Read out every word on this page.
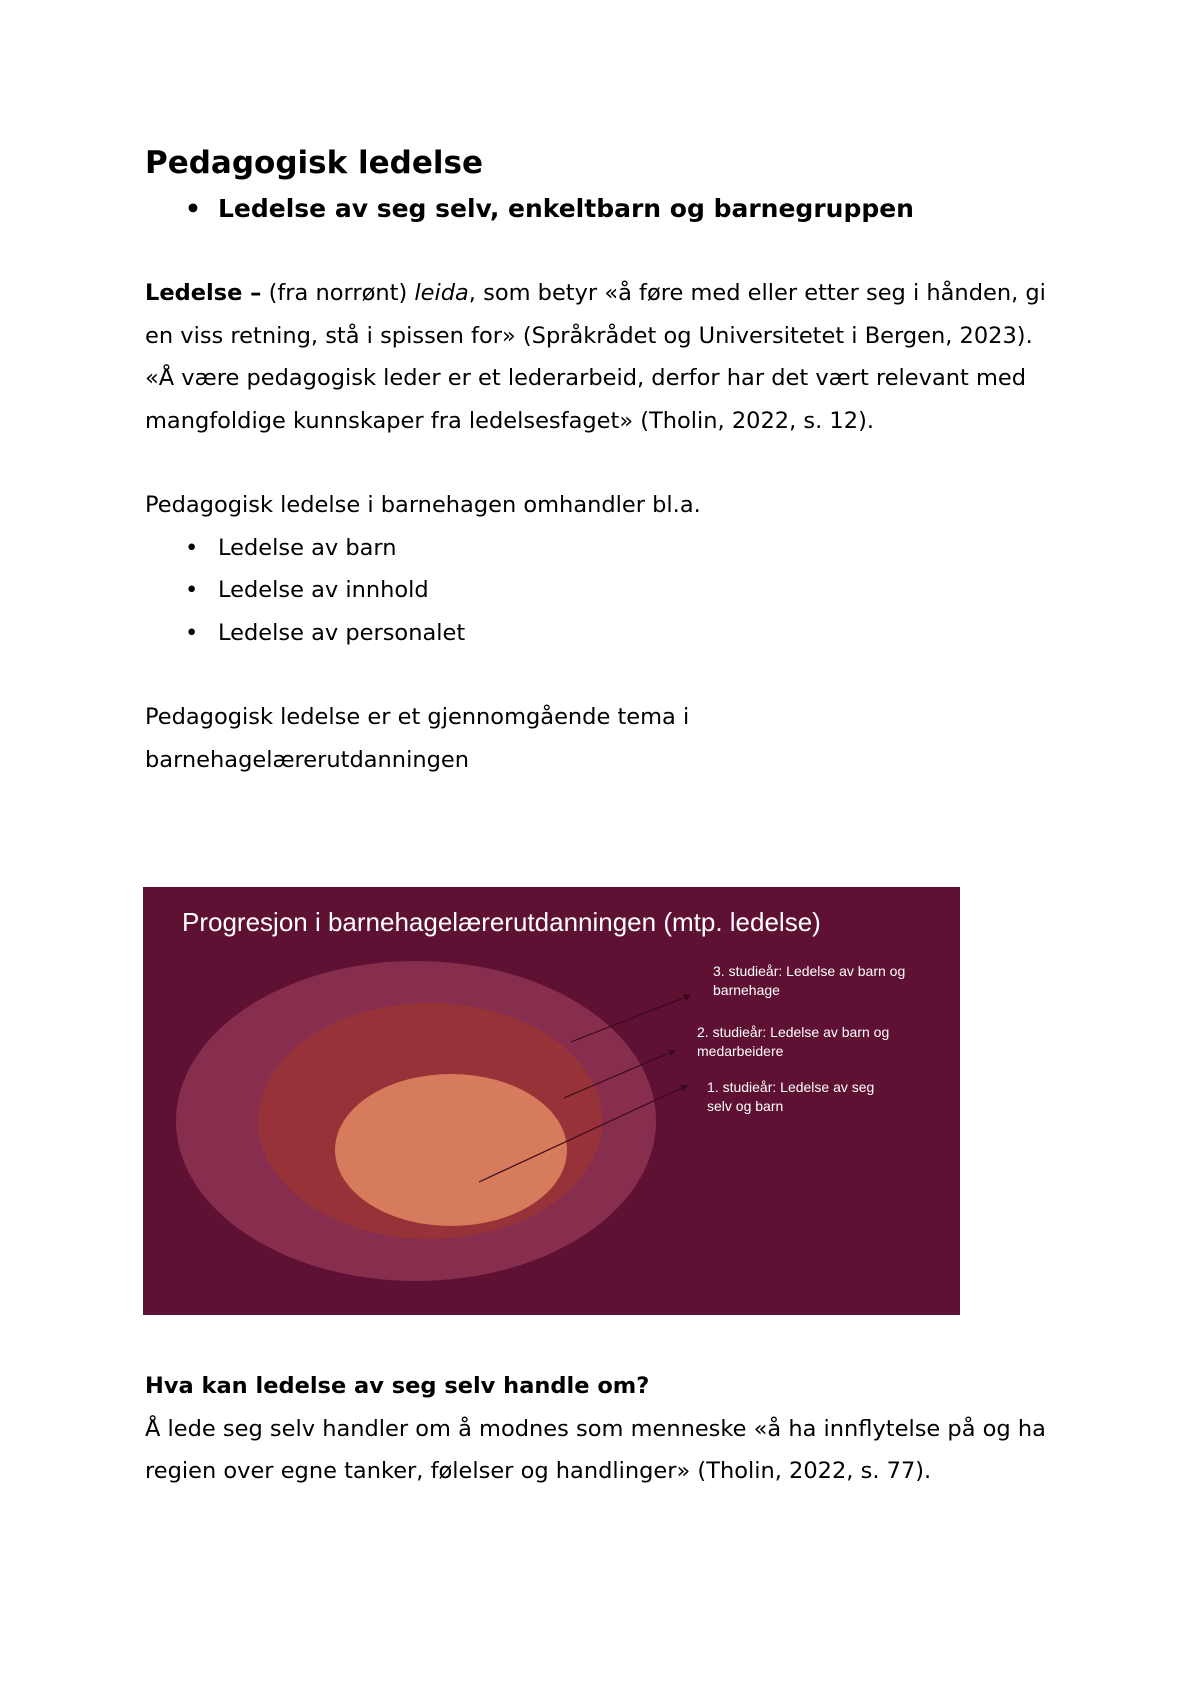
Pedagogisk ledelse
• Ledelse av seg selv, enkeltbarn og barnegruppen

Ledelse – (fra norrønt) leida, som betyr «å føre med eller etter seg i hånden, gi en viss retning, stå i spissen for» (Språkrådet og Universitetet i Bergen, 2023).

«Å være pedagogisk leder er et lederarbeid, derfor har det vært relevant med mangfoldige kunnskaper fra ledelsesfaget» (Tholin, 2022, s. 12).

Pedagogisk ledelse i barnehagen omhandler bl.a.

• Ledelse av barn
• Ledelse av innhold
• Ledelse av personalet

Pedagogisk ledelse er et gjennomgående tema i

barnehagelærerutdanningen

Progresjon i barnehagelærerutdanningen (mtp. ledelse)
3. studieår: Ledelse av barn og barnehage
2. studieår: Ledelse av barn og medarbeidere
1. studieår: Ledelse av seg selv og barn

Hva kan ledelse av seg selv handle om?

Å lede seg selv handler om å modnes som menneske «å ha innflytelse på og ha regien over egne tanker, følelser og handlinger» (Tholin, 2022, s. 77).
